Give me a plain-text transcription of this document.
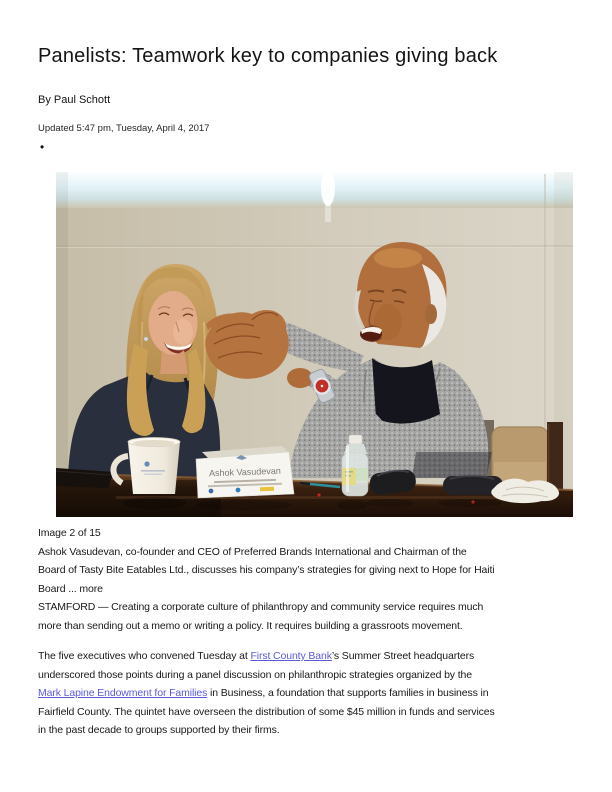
Panelists: Teamwork key to companies giving back
By Paul Schott
Updated 5:47 pm, Tuesday, April 4, 2017
•
Ashok Vasudevan

Image 2 of 15

Ashok Vasudevan, co-founder and CEO of Preferred Brands International and Chairman of the Board of Tasty Bite Eatables Ltd., discusses his company’s strategies for giving next to Hope for Haiti Board ... more

STAMFORD — Creating a corporate culture of philanthropy and community service requires much more than sending out a memo or writing a policy. It requires building a grassroots movement.

The five executives who convened Tuesday at First County Bank’s Summer Street headquarters underscored those points during a panel discussion on philanthropic strategies organized by the Mark Lapine Endowment for Families in Business, a foundation that supports families in business in Fairfield County. The quintet have overseen the distribution of some $45 million in funds and services in the past decade to groups supported by their firms.
